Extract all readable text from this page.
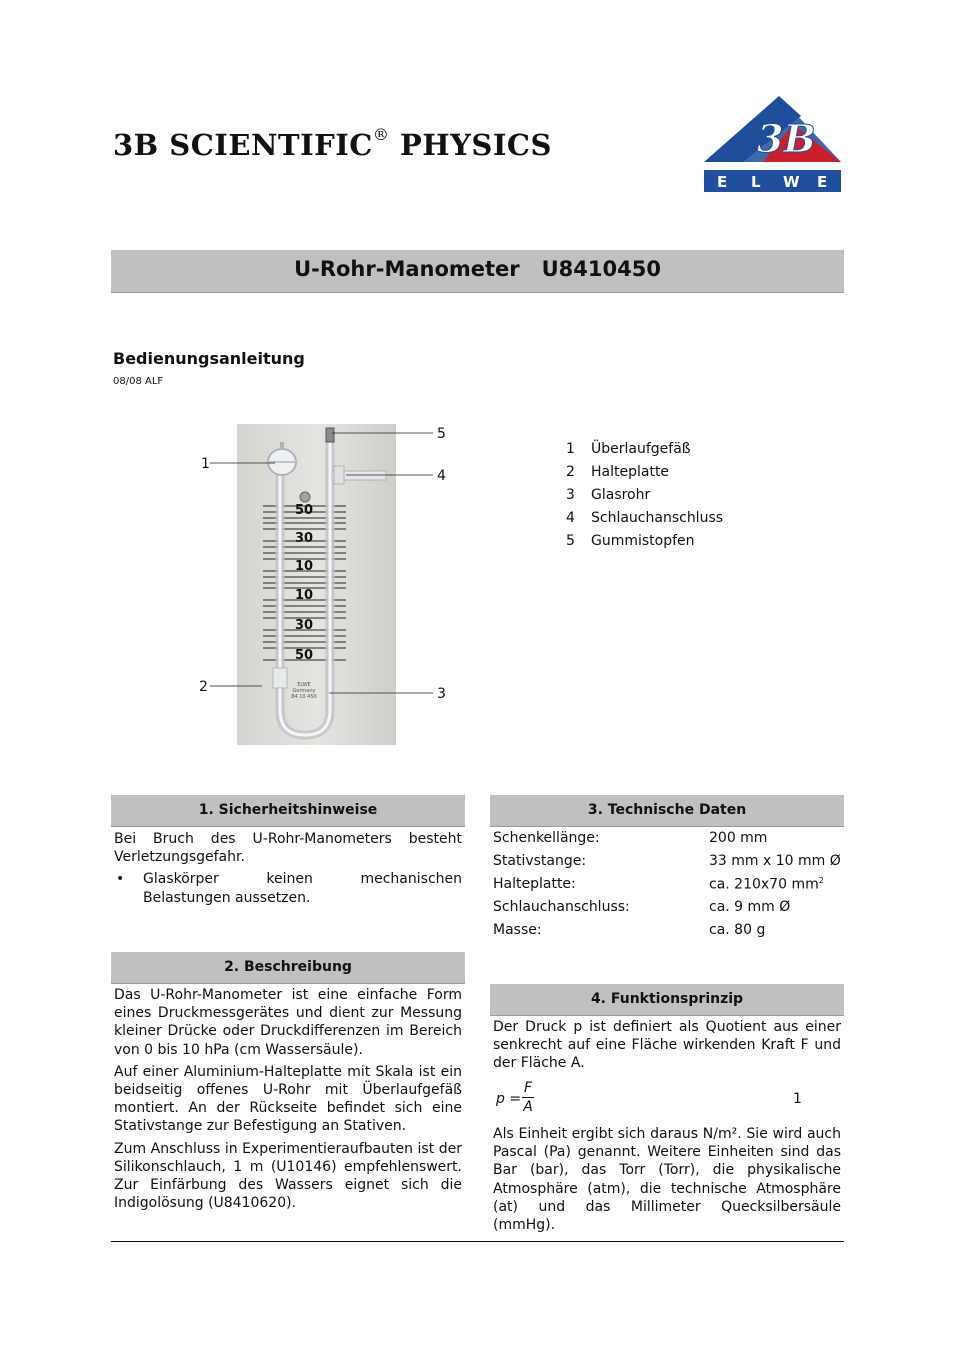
3B SCIENTIFIC® PHYSICS	3B
E L W E
U-Rohr-Manometer   U8410450
Bedienungsanleitung
08/08 ALF
50
30
10
10
30
50
ELWE
Germany
84 10 450
1
2	3
4
5
1	Überlaufgefäß
2	Halteplatte
3	Glasrohr
4	Schlauchanschluss
5	Gummistopfen
1. Sicherheitshinweise

Bei Bruch des U-Rohr-Manometers besteht Verletzungsgefahr.

•	Glaskörper keinen mechanischen Belastungen aussetzen.
2. Beschreibung

Das U-Rohr-Manometer ist eine einfache Form eines Druckmessgerätes und dient zur Messung kleiner Drücke oder Druckdifferenzen im Bereich von 0 bis 10 hPa (cm Wassersäule).

Auf einer Aluminium-Halteplatte mit Skala ist ein beidseitig offenes U-Rohr mit Überlaufgefäß montiert. An der Rückseite befindet sich eine Stativstange zur Befestigung an Stativen.

Zum Anschluss in Experimentieraufbauten ist der Silikonschlauch, 1 m (U10146) empfehlenswert. Zur Einfärbung des Wassers eignet sich die Indigolösung (U8410620).

3. Technische Daten
Schenkellänge:	200 mm
Stativstange:	33 mm x 10 mm Ø
Halteplatte:	ca. 210x70 $mm^2$
Schlauchanschluss:	ca. 9 mm Ø
Masse:	ca. 80 g
4. Funktionsprinzip

Der Druck p ist definiert als Quotient aus einer senkrecht auf eine Fläche wirkenden Kraft F und der Fläche A.

p =
F
A	1

Als Einheit ergibt sich daraus N/m². Sie wird auch Pascal (Pa) genannt. Weitere Einheiten sind das Bar (bar), das Torr (Torr), die physikalische Atmosphäre (atm), die technische Atmosphäre (at) und das Millimeter Quecksilbersäule (mmHg).
